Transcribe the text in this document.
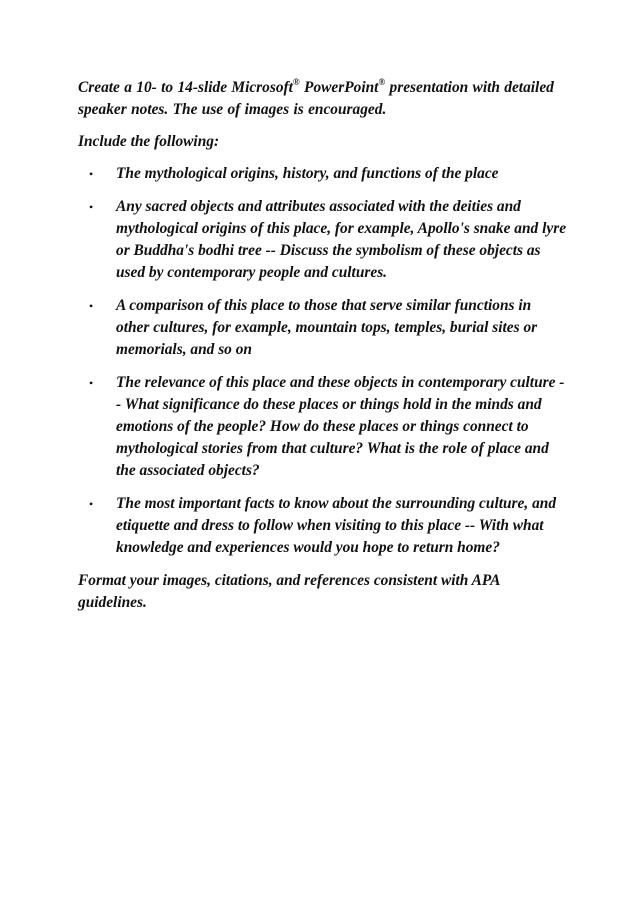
Create a 10- to 14-slide Microsoft® PowerPoint® presentation with detailed speaker notes. The use of images is encouraged.

Include the following:

• The mythological origins, history, and functions of the place
• Any sacred objects and attributes associated with the deities and mythological origins of this place, for example, Apollo's snake and lyre or Buddha's bodhi tree -- Discuss the symbolism of these objects as used by contemporary people and cultures.
• A comparison of this place to those that serve similar functions in other cultures, for example, mountain tops, temples, burial sites or memorials, and so on
• The relevance of this place and these objects in contemporary culture -- What significance do these places or things hold in the minds and emotions of the people? How do these places or things connect to mythological stories from that culture? What is the role of place and the associated objects?
• The most important facts to know about the surrounding culture, and etiquette and dress to follow when visiting to this place -- With what knowledge and experiences would you hope to return home?

Format your images, citations, and references consistent with APA guidelines.
